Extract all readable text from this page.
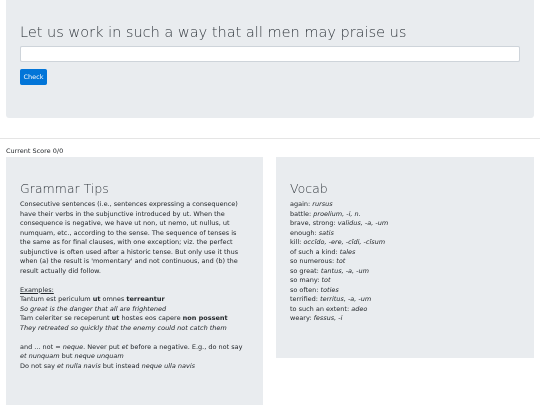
Let us work in such a way that all men may praise us
Check
Current Score 0/0
Grammar Tips

Consecutive sentences (i.e., sentences expressing a consequence) have their verbs in the subjunctive introduced by ut. When the consequence is negative, we have ut non, ut nemo, ut nullus, ut numquam, etc., according to the sense. The sequence of tenses is the same as for final clauses, with one exception; viz. the perfect subjunctive is often used after a historic tense. But only use it thus when (a) the result is 'momentary' and not continuous, and (b) the result actually did follow.

Examples:
Tantum est periculum ut omnes terreantur
So great is the danger that all are frightened
Tam celeriter se receperunt ut hostes eos capere non possent
They retreated so quickly that the enemy could not catch them
and ... not = neque. Never put et before a negative. E.g., do not say et nunquam but neque unquam
Do not say et nulla navis but instead neque ulla navis
Vocab
again: rursus
battle: proelium, -i, n.
brave, strong: validus, -a, -um
enough: satis
kill: occīdo, -ere, -cīdi, -cīsum
of such a kind: tales
so numerous: tot
so great: tantus, -a, -um
so many: tot
so often: toties
terrified: territus, -a, -um
to such an extent: adeo
weary: fessus, -i
